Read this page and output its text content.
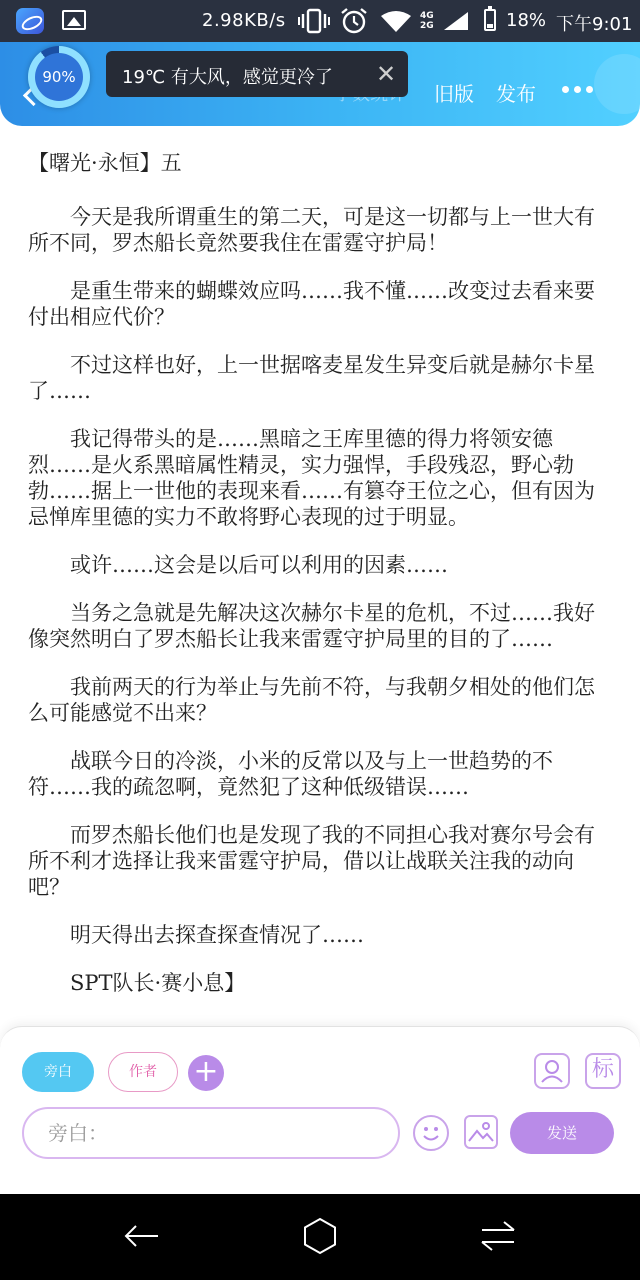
2.98KB/s	4G
2G	18% 下午9:01
90%
旧版 发布
19℃ 有大风，感觉更冷了 ✕
【曙光·永恒】五

今天是我所谓重生的第二天，可是这一切都与上一世大有所不同，罗杰船长竟然要我住在雷霆守护局！

是重生带来的蝴蝶效应吗……我不懂……改变过去看来要付出相应代价？

不过这样也好，上一世据喀麦星发生异变后就是赫尔卡星了……

我记得带头的是……黑暗之王库里德的得力将领安德烈……是火系黑暗属性精灵，实力强悍，手段残忍，野心勃勃……据上一世他的表现来看……有篡夺王位之心，但有因为忌惮库里德的实力不敢将野心表现的过于明显。

或许……这会是以后可以利用的因素……

当务之急就是先解决这次赫尔卡星的危机，不过……我好像突然明白了罗杰船长让我来雷霆守护局里的目的了……

我前两天的行为举止与先前不符，与我朝夕相处的他们怎么可能感觉不出来？

战联今日的冷淡，小米的反常以及与上一世趋势的不符……我的疏忽啊，竟然犯了这种低级错误……

而罗杰船长他们也是发现了我的不同担心我对赛尔号会有所不利才选择让我来雷霆守护局，借以让战联关注我的动向吧？

明天得出去探查探查情况了……

SPT队长·赛小息】

旁白	作者	+	标
旁白：
发送
